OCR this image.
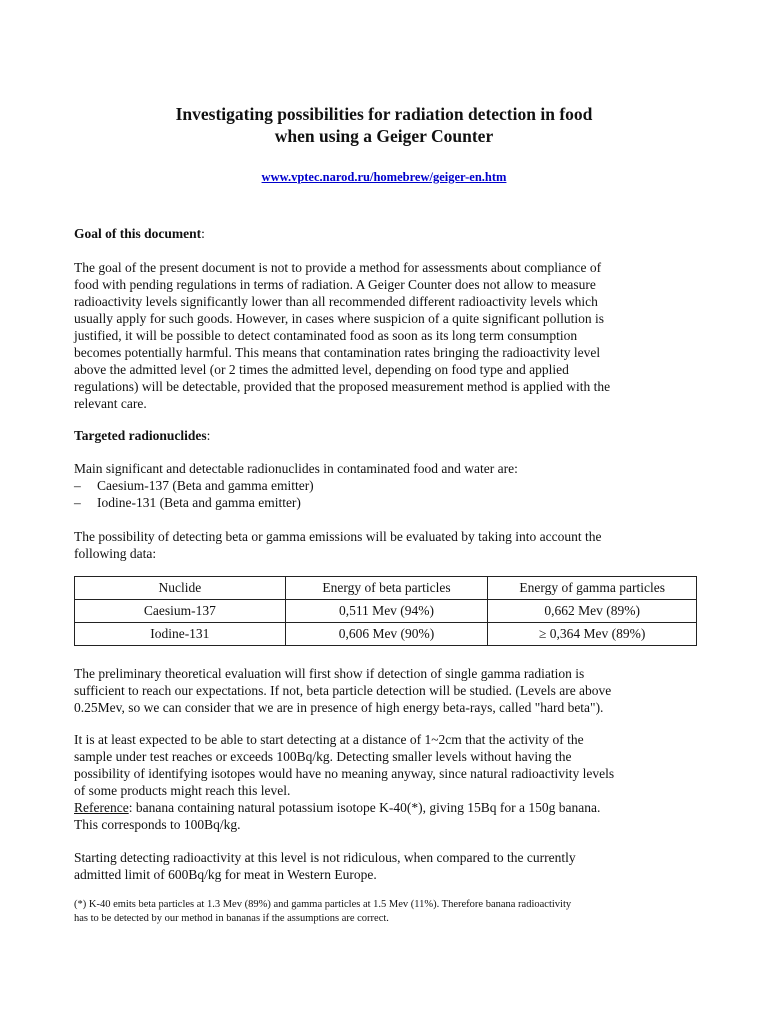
Investigating possibilities for radiation detection in food
when using a Geiger Counter
www.vptec.narod.ru/homebrew/geiger-en.htm
Goal of this document:
The goal of the present document is not to provide a method for assessments about compliance of
food with pending regulations in terms of radiation. A Geiger Counter does not allow to measure
radioactivity levels significantly lower than all recommended different radioactivity levels which
usually apply for such goods. However, in cases where suspicion of a quite significant pollution is
justified, it will be possible to detect contaminated food as soon as its long term consumption
becomes potentially harmful. This means that contamination rates bringing the radioactivity level
above the admitted level (or 2 times the admitted level, depending on food type and applied
regulations) will be detectable, provided that the proposed measurement method is applied with the
relevant care.
Targeted radionuclides:
Main significant and detectable radionuclides in contaminated food and water are:
– Caesium-137 (Beta and gamma emitter)
– Iodine-131 (Beta and gamma emitter)
The possibility of detecting beta or gamma emissions will be evaluated by taking into account the
following data:
Nuclide	Energy of beta particles	Energy of gamma particles
Caesium-137	0,511 Mev (94%)	0,662 Mev (89%)
Iodine-131	0,606 Mev (90%)	≥ 0,364 Mev (89%)
The preliminary theoretical evaluation will first show if detection of single gamma radiation is
sufficient to reach our expectations. If not, beta particle detection will be studied. (Levels are above
0.25Mev, so we can consider that we are in presence of high energy beta-rays, called "hard beta").
It is at least expected to be able to start detecting at a distance of 1~2cm that the activity of the
sample under test reaches or exceeds 100Bq/kg. Detecting smaller levels without having the
possibility of identifying isotopes would have no meaning anyway, since natural radioactivity levels
of some products might reach this level.
Reference: banana containing natural potassium isotope K-40(*), giving 15Bq for a 150g banana.
This corresponds to 100Bq/kg.
Starting detecting radioactivity at this level is not ridiculous, when compared to the currently
admitted limit of 600Bq/kg for meat in Western Europe.
(*) K-40 emits beta particles at 1.3 Mev (89%) and gamma particles at 1.5 Mev (11%). Therefore banana radioactivity
has to be detected by our method in bananas if the assumptions are correct.
